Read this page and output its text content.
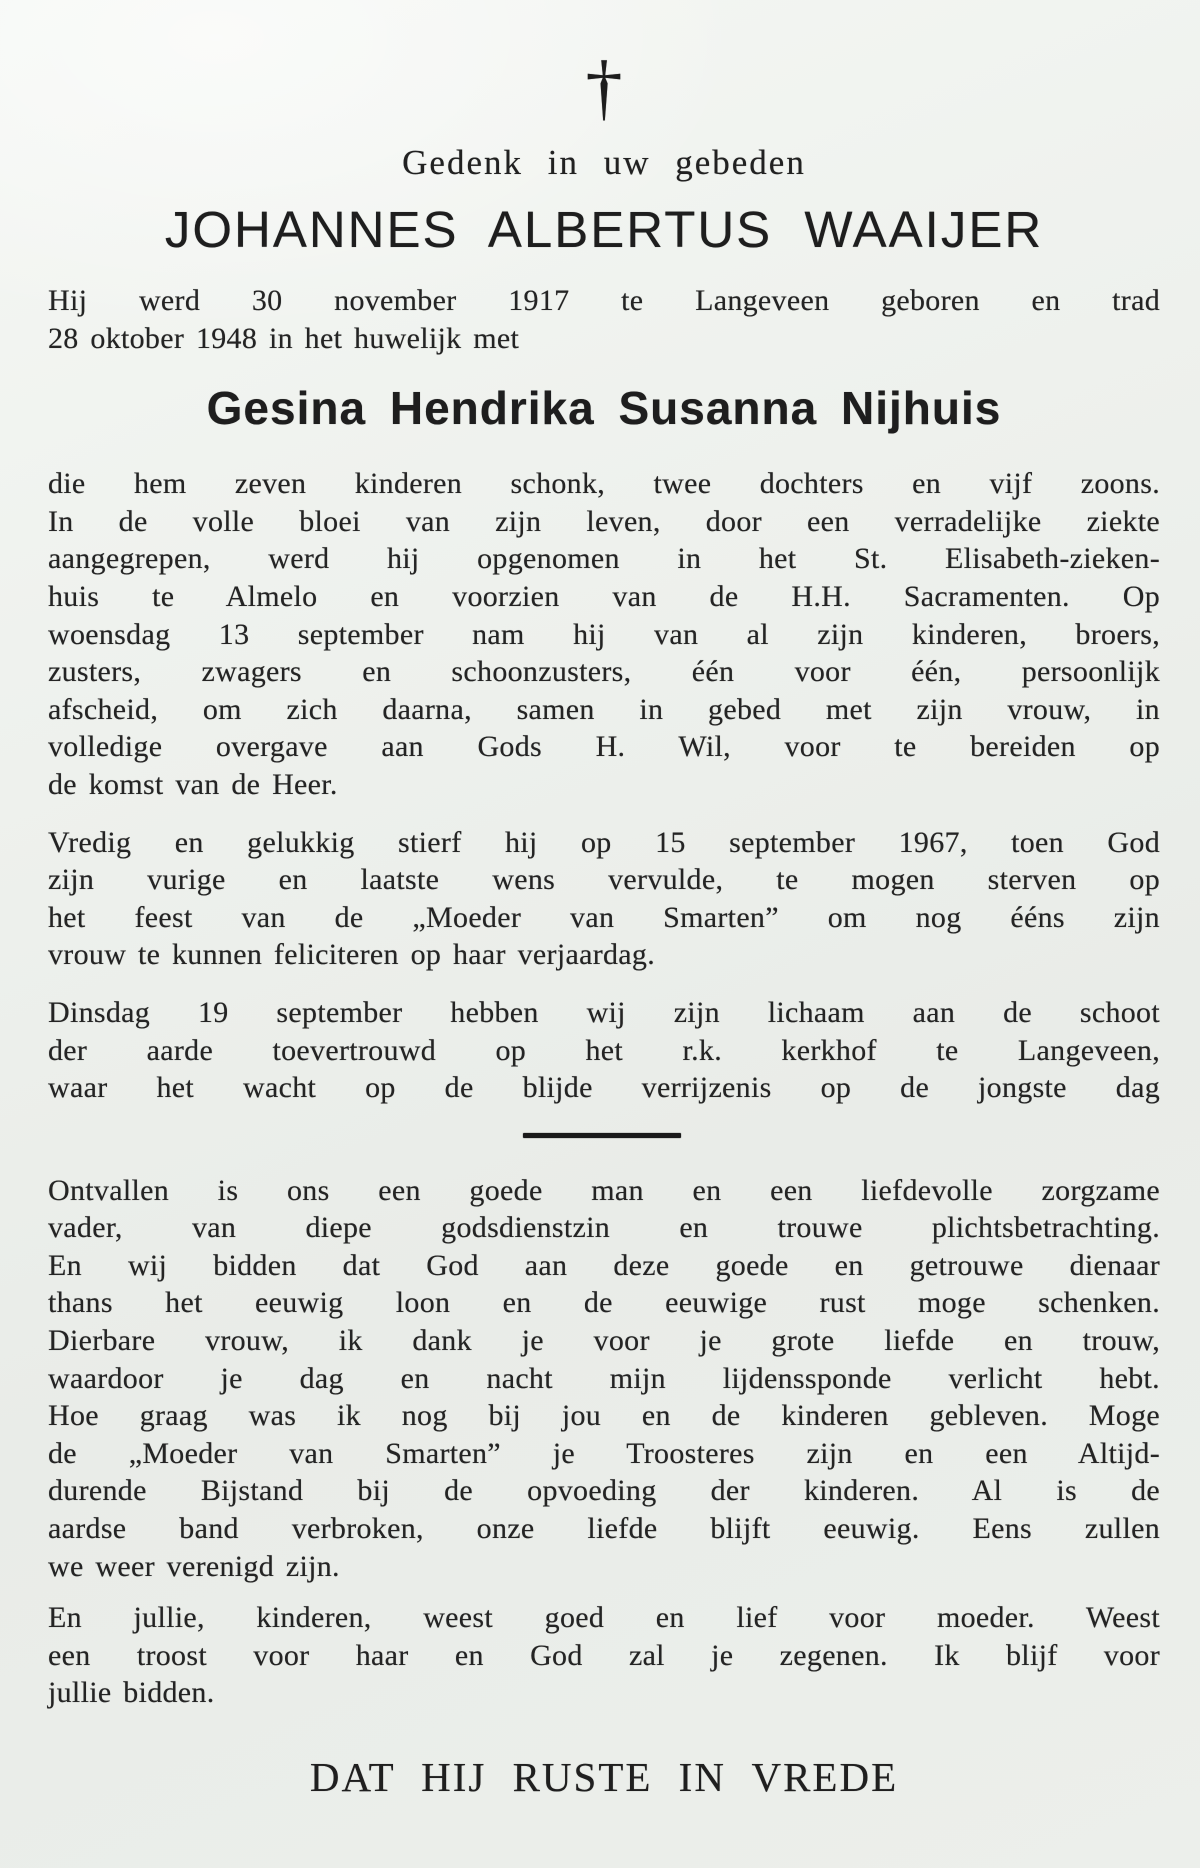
†
Gedenk in uw gebeden
JOHANNES ALBERTUS WAAIJER
Hij werd 30 november 1917 te Langeveen geboren en trad
28 oktober 1948 in het huwelijk met
Gesina Hendrika Susanna Nijhuis
die hem zeven kinderen schonk, twee dochters en vijf zoons.
In de volle bloei van zijn leven, door een verradelijke ziekte
aangegrepen, werd hij opgenomen in het St. Elisabeth-zieken-
huis te Almelo en voorzien van de H.H. Sacramenten. Op
woensdag 13 september nam hij van al zijn kinderen, broers,
zusters, zwagers en schoonzusters, één voor één, persoonlijk
afscheid, om zich daarna, samen in gebed met zijn vrouw, in
volledige overgave aan Gods H. Wil, voor te bereiden op
de komst van de Heer.
Vredig en gelukkig stierf hij op 15 september 1967, toen God
zijn vurige en laatste wens vervulde, te mogen sterven op
het feest van de „Moeder van Smarten” om nog ééns zijn
vrouw te kunnen feliciteren op haar verjaardag.
Dinsdag 19 september hebben wij zijn lichaam aan de schoot
der aarde toevertrouwd op het r.k. kerkhof te Langeveen,
waar het wacht op de blijde verrijzenis op de jongste dag
Ontvallen is ons een goede man en een liefdevolle zorgzame
vader, van diepe godsdienstzin en trouwe plichtsbetrachting.
En wij bidden dat God aan deze goede en getrouwe dienaar
thans het eeuwig loon en de eeuwige rust moge schenken.
Dierbare vrouw, ik dank je voor je grote liefde en trouw,
waardoor je dag en nacht mijn lijdenssponde verlicht hebt.
Hoe graag was ik nog bij jou en de kinderen gebleven. Moge
de „Moeder van Smarten” je Troosteres zijn en een Altijd-
durende Bijstand bij de opvoeding der kinderen. Al is de
aardse band verbroken, onze liefde blijft eeuwig. Eens zullen
we weer verenigd zijn.
En jullie, kinderen, weest goed en lief voor moeder. Weest
een troost voor haar en God zal je zegenen. Ik blijf voor
jullie bidden.
DAT HIJ RUSTE IN VREDE
